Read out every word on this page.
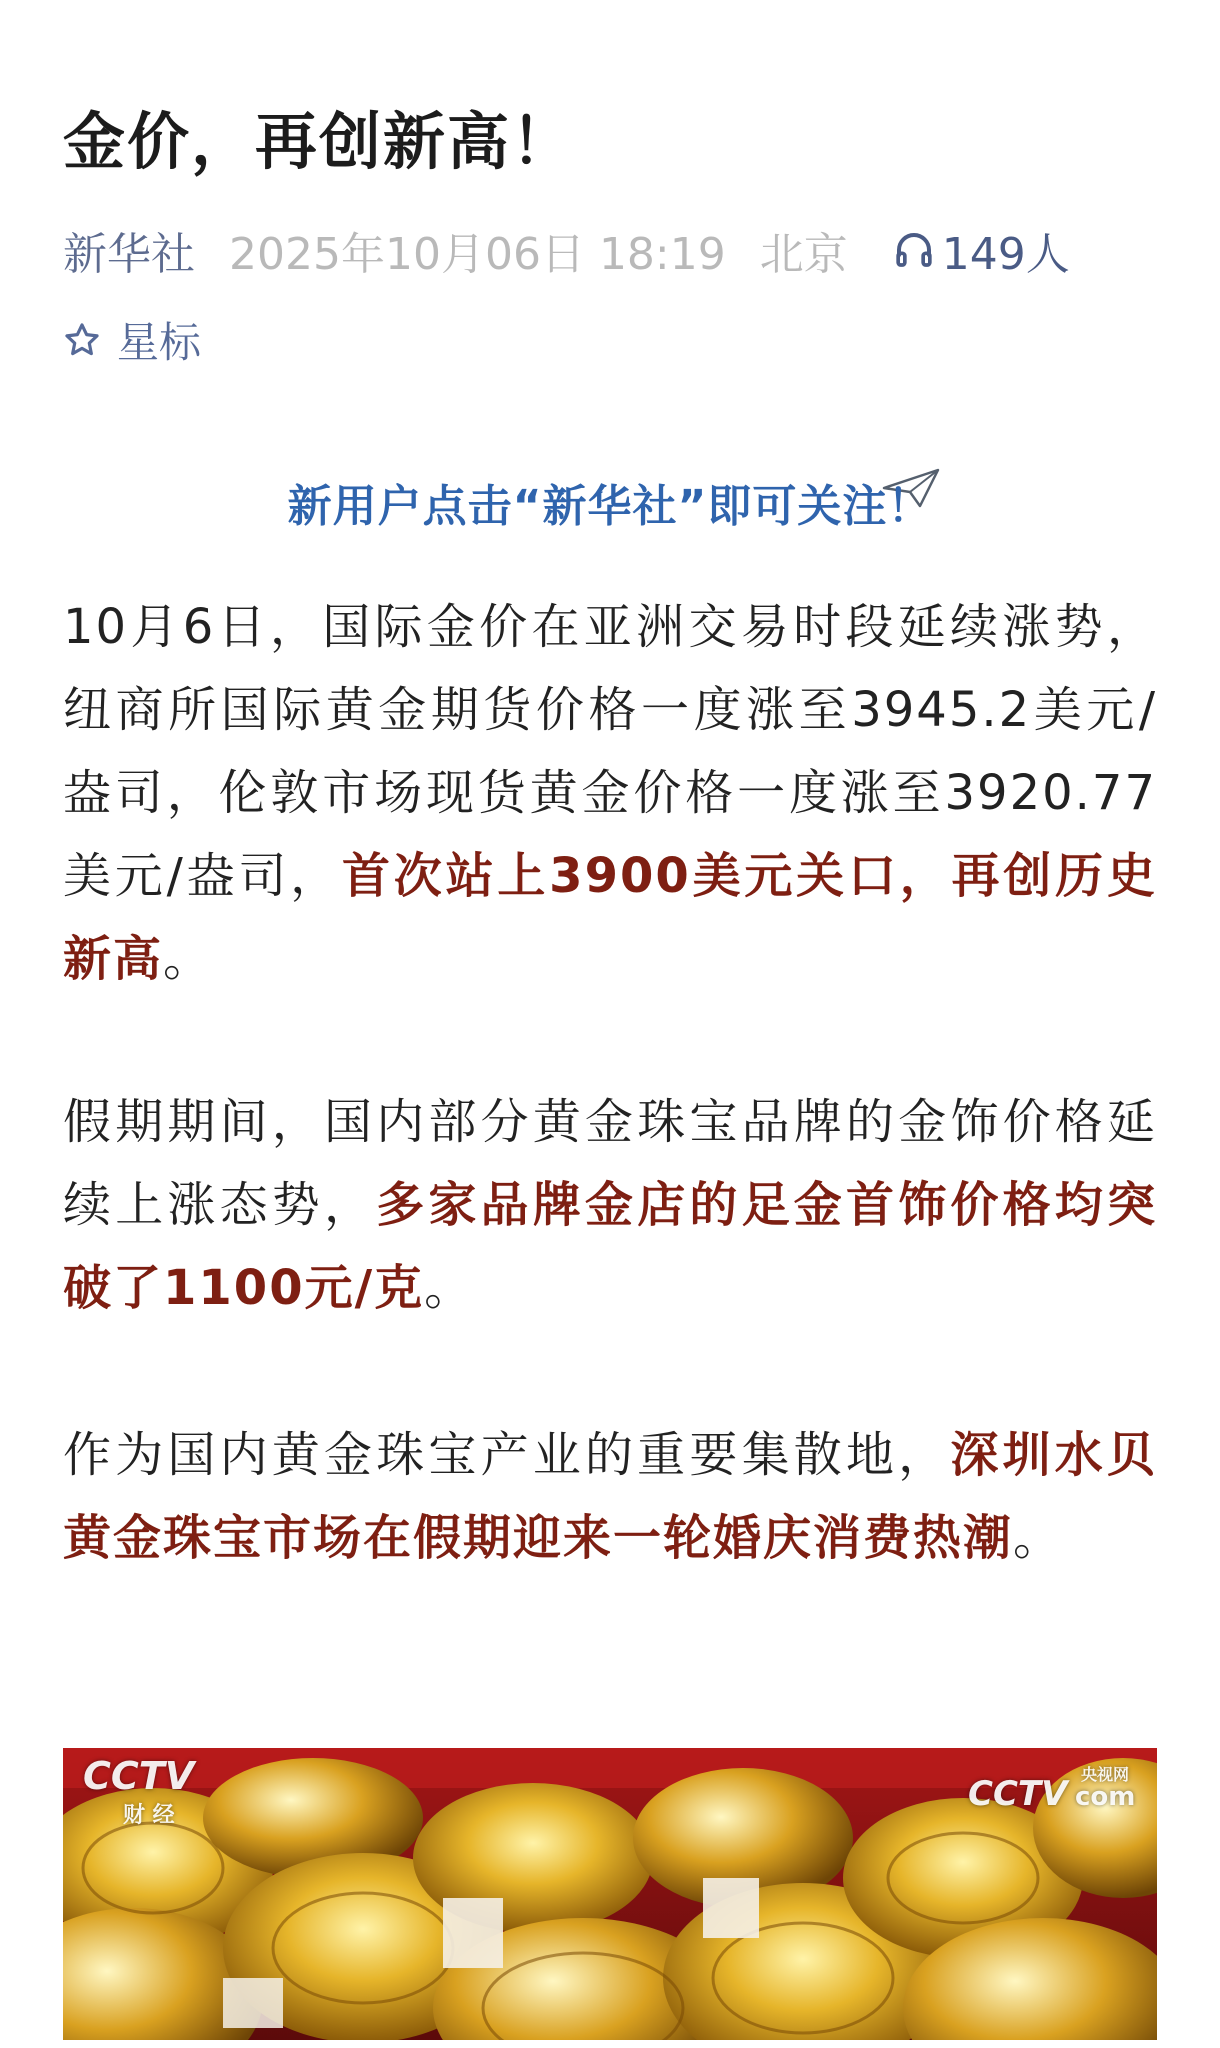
金价，再创新高！
新华社 2025年10月06日 18:19 北京 149人
星标
新用户点击“新华社”即可关注！

10月6日，国际金价在亚洲交易时段延续涨势，纽商所国际黄金期货价格一度涨至3945.2美元/盎司，伦敦市场现货黄金价格一度涨至3920.77美元/盎司，首次站上3900美元关口，再创历史新高。

假期期间，国内部分黄金珠宝品牌的金饰价格延续上涨态势，多家品牌金店的足金首饰价格均突破了1100元/克。

作为国内黄金珠宝产业的重要集散地，深圳水贝黄金珠宝市场在假期迎来一轮婚庆消费热潮。

CCTV
财 经
CCTV 央视网
com
